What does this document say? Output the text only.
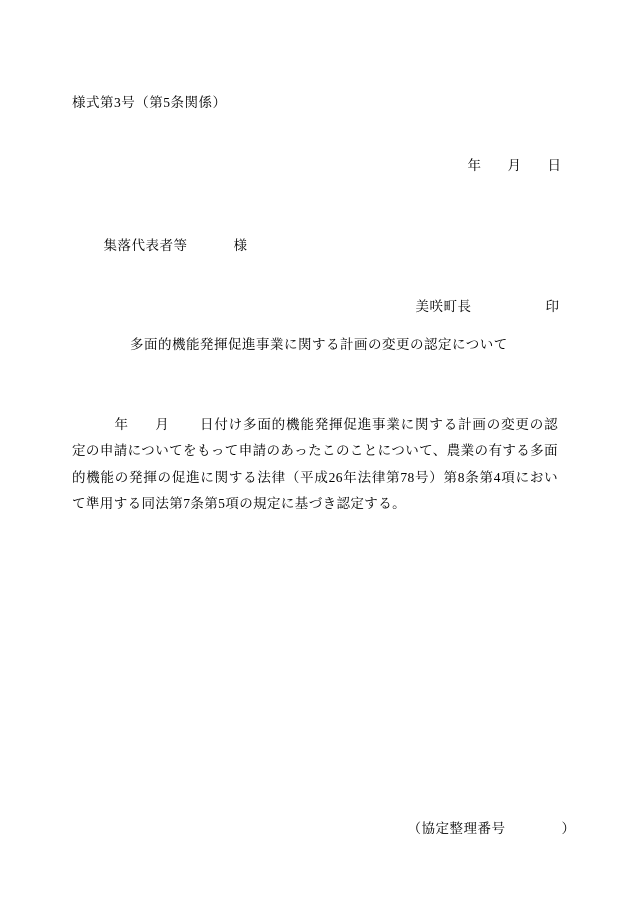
様式第3号（第5条関係）

年 月 日

集落代表者等	様

美咲町長	印

多面的機能発揮促進事業に関する計画の変更の認定について
年 月 日付け多面的機能発揮促進事業に関する計画の変更の認定の申請についてをもって申請のあったこのことについて、農業の有する多面的機能の発揮の促進に関する法律（平成26年法律第78号）第8条第4項において準用する同法第7条第5項の規定に基づき認定する。

（協定整理番号	）
